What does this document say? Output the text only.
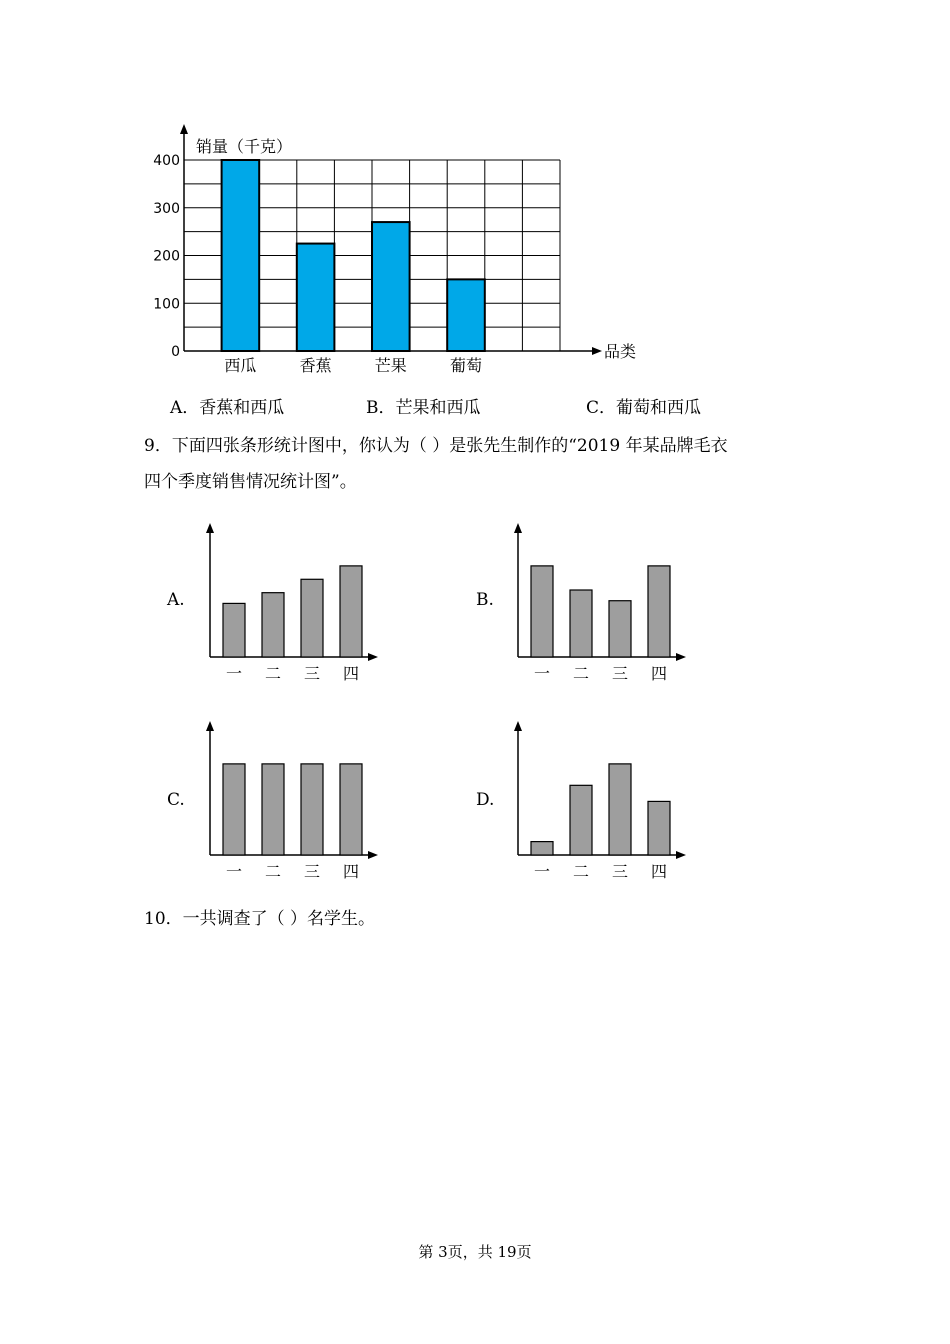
销量（千克）
品类
0
100
200
300
400
西瓜	香蕉	芒果	葡萄
A．香蕉和西瓜	B．芒果和西瓜	C．葡萄和西瓜
9．下面四张条形统计图中，你认为（ ）是张先生制作的“2019 年某品牌毛衣
四个季度销售情况统计图”。
A.
一 二 三 四
B.
一 二 三 四
C.
一 二 三 四
D.
一 二 三 四
10．一共调查了（ ）名学生。
第 3页，共 19页
